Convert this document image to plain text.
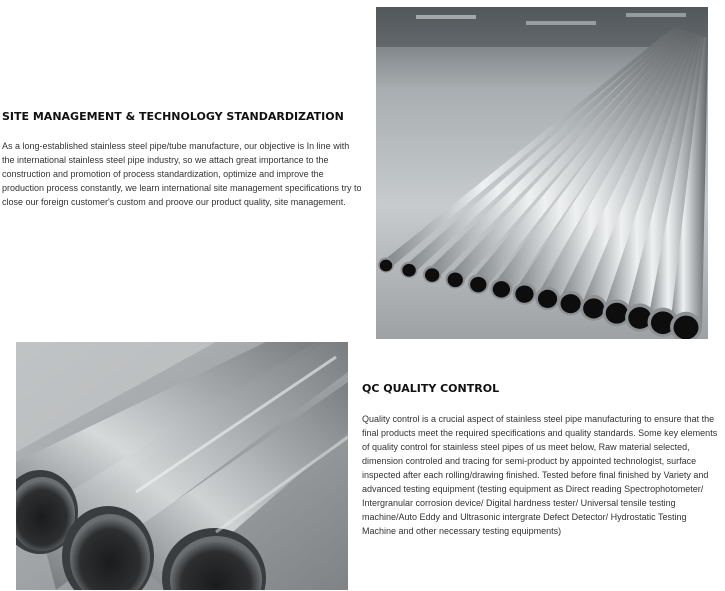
SITE MANAGEMENT & TECHNOLOGY STANDARDIZATION

As a long-established stainless steel pipe/tube manufacture, our objective is In line with the international stainless steel pipe industry, so we attach great importance to the construction and promotion of process standardization, optimize and improve the production process constantly, we learn international site management specifications try to close our foreign customer's custom and proove our product quality, site management.

QC QUALITY CONTROL

Quality control is a crucial aspect of stainless steel pipe manufacturing to ensure that the final products meet the required specifications and quality standards. Some key elements of quality control for stainless steel pipes of us meet below, Raw material selected, dimension controled and tracing for semi-product by appointed technologist, surface inspected after each rolling/drawing finished. Tested before final finished by Variety and advanced testing equipment (testing equipment as Direct reading Spectrophotometer/ Intergranular corrosion device/ Digital hardness tester/ Universal tensile testing machine/Auto Eddy and Ultrasonic intergrate Defect Detector/ Hydrostatic Testing Machine and other necessary testing equipments)
